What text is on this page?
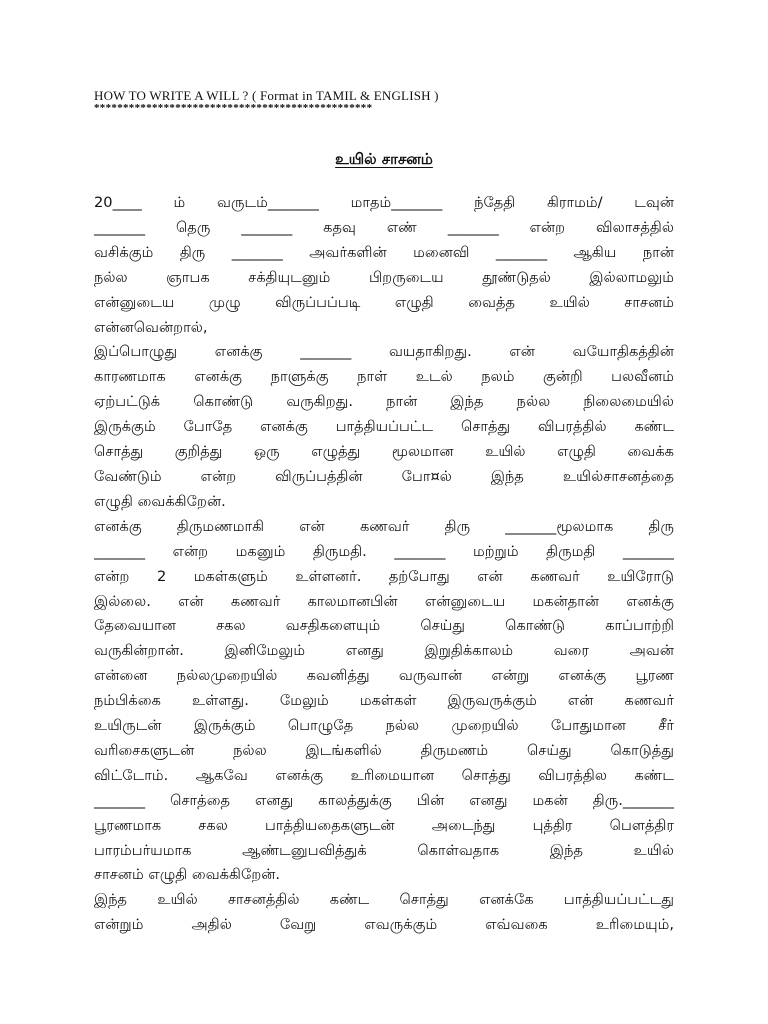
HOW TO WRITE A WILL ? ( Format in TAMIL & ENGLISH )
************************************************
உயில் சாசனம்
20____ ம் வருடம்_______ மாதம்_______ ந்தேதி கிராமம்/ டவுன்
_______ தெரு _______ கதவு எண் _______ என்ற விலாசத்தில்
வசிக்கும் திரு _______ அவர்களின் மனைவி _______ ஆகிய நான்
நல்ல ஞாபக சக்தியுடனும் பிறருடைய தூண்டுதல் இல்லாமலும்
என்னுடைய முழு விருப்பப்படி எழுதி வைத்த உயில் சாசனம்
என்னவென்றால்,
இப்பொழுது எனக்கு _______ வயதாகிறது. என் வயோதிகத்தின்
காரணமாக எனக்கு நாளுக்கு நாள் உடல் நலம் குன்றி பலவீனம்
ஏற்பட்டுக் கொண்டு வருகிறது. நான் இந்த நல்ல நிலைமையில்
இருக்கும் போதே எனக்கு பாத்தியப்பட்ட சொத்து விபரத்தில் கண்ட
சொத்து குறித்து ஒரு எழுத்து மூலமான உயில் எழுதி வைக்க
வேண்டும் என்ற விருப்பத்தின் போ¤ல் இந்த உயில்சாசனத்தை
எழுதி வைக்கிறேன்.
எனக்கு திருமணமாகி என் கணவர் திரு _______மூலமாக திரு
_______ என்ற மகனும் திருமதி. _______ மற்றும் திருமதி _______
என்ற 2 மகள்களும் உள்ளனர். தற்போது என் கணவர் உயிரோடு
இல்லை. என் கணவர் காலமானபின் என்னுடைய மகன்தான் எனக்கு
தேவையான சகல வசதிகளையும் செய்து கொண்டு காப்பாற்றி
வருகின்றான். இனிமேலும் எனது இறுதிக்காலம் வரை அவன்
என்னை நல்லமுறையில் கவனித்து வருவான் என்று எனக்கு பூரண
நம்பிக்கை உள்ளது. மேலும் மகள்கள் இருவருக்கும் என் கணவர்
உயிருடன் இருக்கும் பொழுதே நல்ல முறையில் போதுமான சீர்
வரிசைகளுடன் நல்ல இடங்களில் திருமணம் செய்து கொடுத்து
விட்டோம். ஆகவே எனக்கு உரிமையான சொத்து விபரத்தில கண்ட
_______ சொத்தை எனது காலத்துக்கு பின் எனது மகன் திரு._______
பூரணமாக சகல பாத்தியதைகளுடன் அடைந்து புத்திர பௌத்திர
பாரம்பர்யமாக ஆண்டனுபவித்துக் கொள்வதாக இந்த உயில்
சாசனம் எழுதி வைக்கிறேன்.
இந்த உயில் சாசனத்தில் கண்ட சொத்து எனக்கே பாத்தியப்பட்டது
என்றும் அதில் வேறு எவருக்கும் எவ்வகை உரிமையும்,
